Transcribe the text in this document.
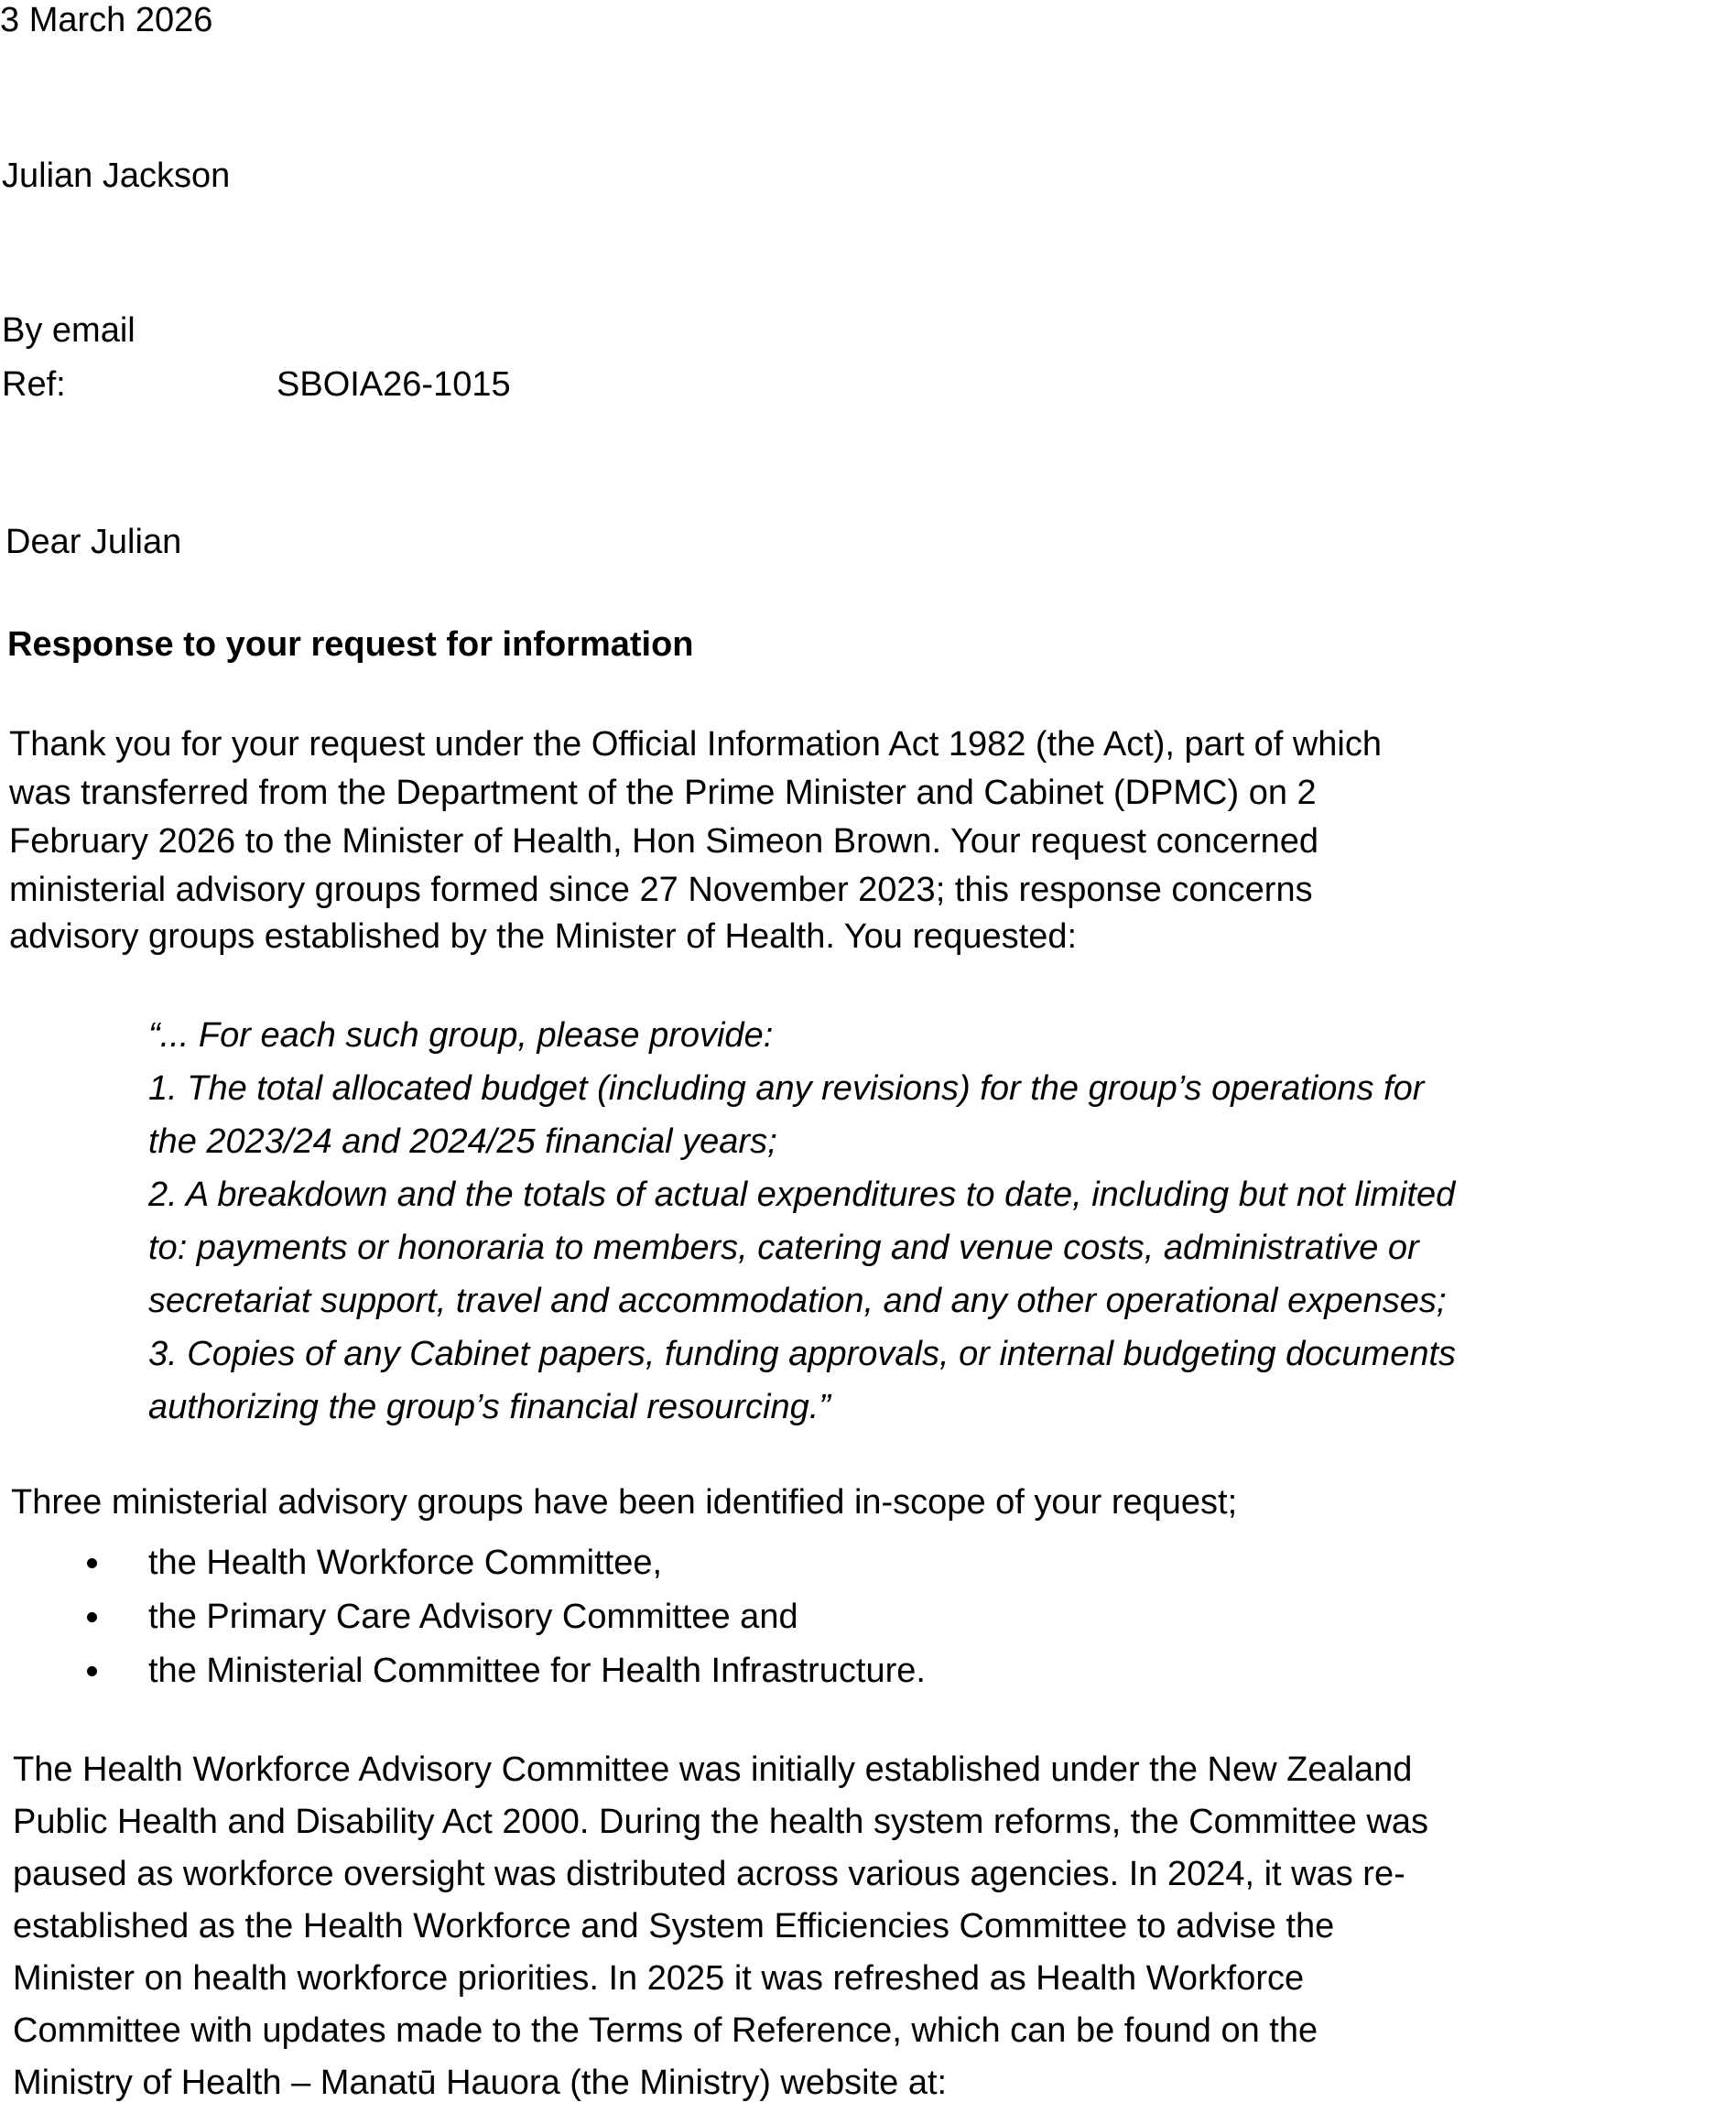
3 March 2026
Julian Jackson
By email
Ref:	SBOIA26-1015
Dear Julian
Response to your request for information
Thank you for your request under the Official Information Act 1982 (the Act), part of which
was transferred from the Department of the Prime Minister and Cabinet (DPMC) on 2
February 2026 to the Minister of Health, Hon Simeon Brown. Your request concerned
ministerial advisory groups formed since 27 November 2023; this response concerns
advisory groups established by the Minister of Health. You requested:
“... For each such group, please provide:
1. The total allocated budget (including any revisions) for the group’s operations for
the 2023/24 and 2024/25 financial years;
2. A breakdown and the totals of actual expenditures to date, including but not limited
to: payments or honoraria to members, catering and venue costs, administrative or
secretariat support, travel and accommodation, and any other operational expenses;
3. Copies of any Cabinet papers, funding approvals, or internal budgeting documents
authorizing the group’s financial resourcing.”
Three ministerial advisory groups have been identified in-scope of your request;
the Health Workforce Committee,
the Primary Care Advisory Committee and
the Ministerial Committee for Health Infrastructure.
The Health Workforce Advisory Committee was initially established under the New Zealand
Public Health and Disability Act 2000. During the health system reforms, the Committee was
paused as workforce oversight was distributed across various agencies. In 2024, it was re-
established as the Health Workforce and System Efficiencies Committee to advise the
Minister on health workforce priorities. In 2025 it was refreshed as Health Workforce
Committee with updates made to the Terms of Reference, which can be found on the
Ministry of Health – Manatū Hauora (the Ministry) website at:
